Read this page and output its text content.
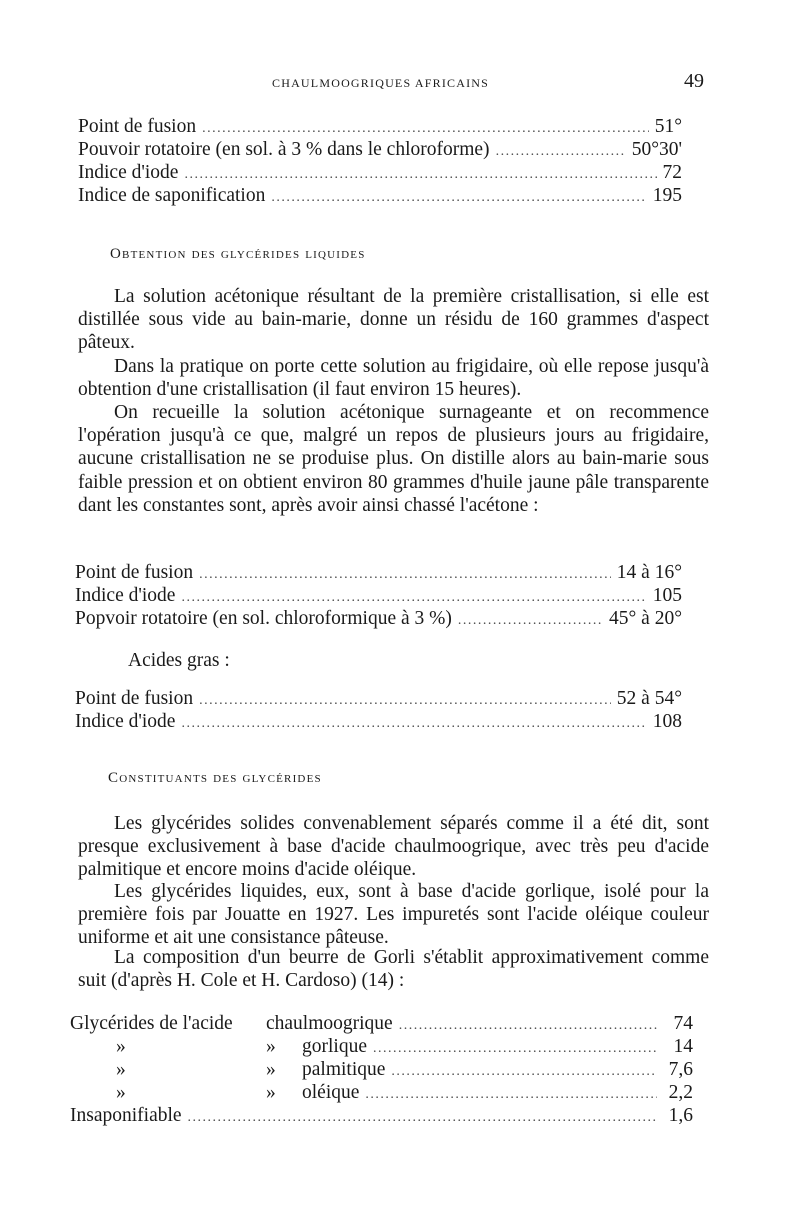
CHAULMOOGRIQUES AFRICAINS	49
Point de fusion .....	51°
Pouvoir rotatoire (en sol. à 3 % dans le chloroforme) .....	50°30'
Indice d'iode .....	72
Indice de saponification .....	195
Obtention des glycérides liquides

La solution acétonique résultant de la première cristallisation, si elle est distillée sous vide au bain-marie, donne un résidu de 160 grammes d'aspect pâteux.

Dans la pratique on porte cette solution au frigidaire, où elle repose jusqu'à obtention d'une cristallisation (il faut environ 15 heures).

On recueille la solution acétonique surnageante et on recommence l'opération jusqu'à ce que, malgré un repos de plusieurs jours au frigidaire, aucune cristallisation ne se produise plus. On distille alors au bain-marie sous faible pression et on obtient environ 80 grammes d'huile jaune pâle transparente dant les constantes sont, après avoir ainsi chassé l'acétone :

Point de fusion .....	14 à 16°
Indice d'iode .....	105
Popvoir rotatoire (en sol. chloroformique à 3 %) .....	45° à 20°
Acides gras :
Point de fusion .....	52 à 54°
Indice d'iode .....	108
Constituants des glycérides

Les glycérides solides convenablement séparés comme il a été dit, sont presque exclusivement à base d'acide chaulmoogrique, avec très peu d'acide palmitique et encore moins d'acide oléique.

Les glycérides liquides, eux, sont à base d'acide gorlique, isolé pour la première fois par Jouatte en 1927. Les impuretés sont l'acide oléique couleur uniforme et ait une consistance pâteuse.

La composition d'un beurre de Gorli s'établit approximativement comme suit (d'après H. Cole et H. Cardoso) (14) :

Glycérides de l'acide	chaulmoogrique .....	74
»	»	gorlique .....	14
»	»	palmitique .....	7,6
»	»	oléique .....	2,2
Insaponifiable .....	1,6
